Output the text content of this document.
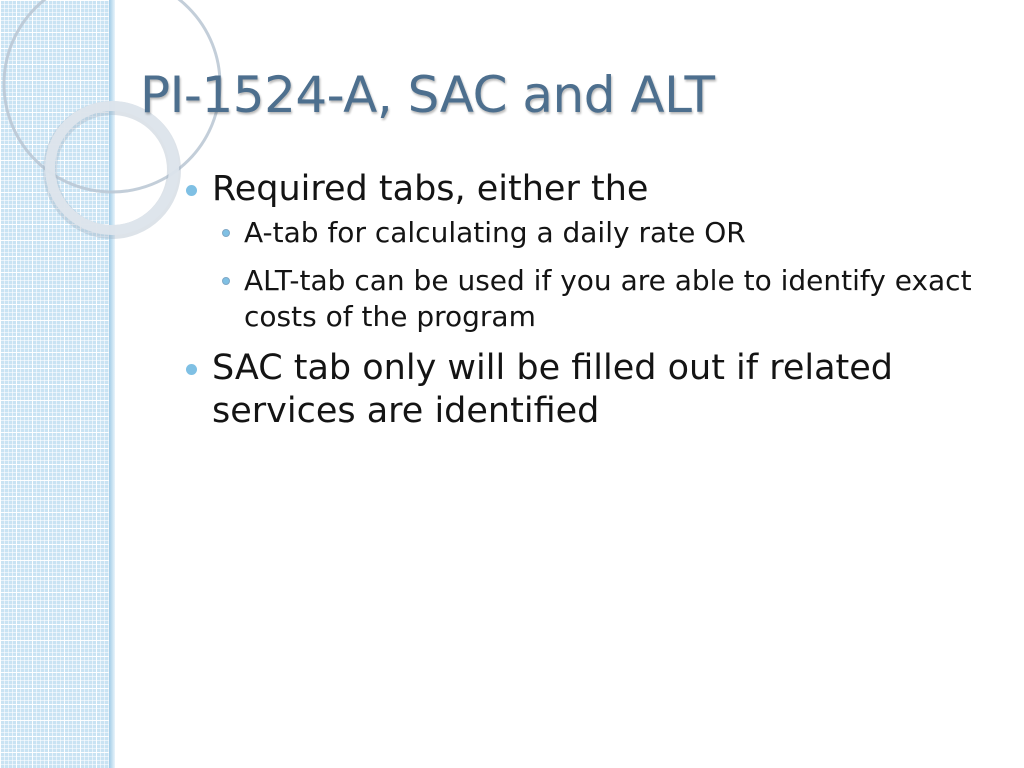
PI-1524-A, SAC and ALT
Required tabs, either the
A-tab for calculating a daily rate OR
ALT-tab can be used if you are able to identify exact costs of the program
SAC tab only will be filled out if related services are identified
